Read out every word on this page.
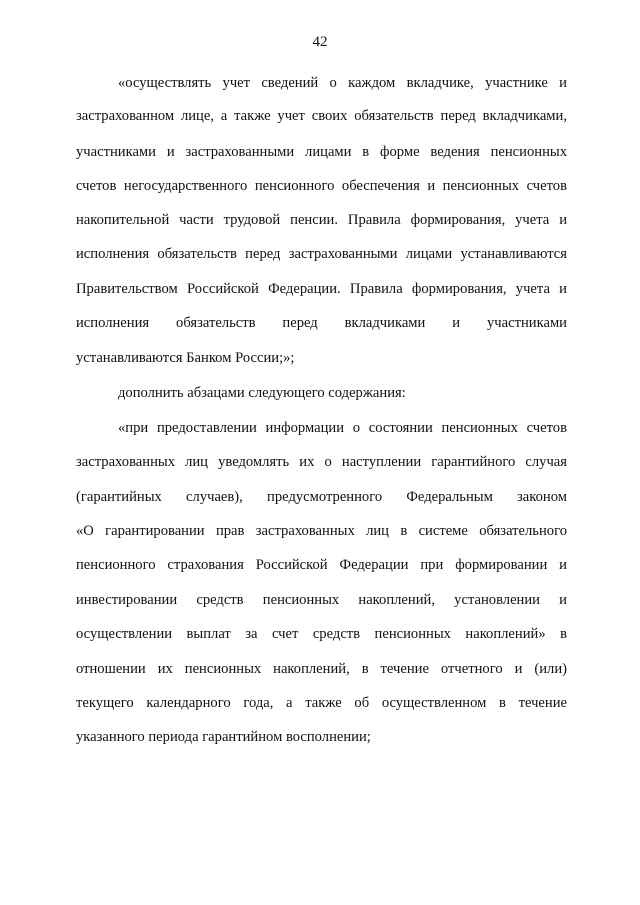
42
«осуществлять учет сведений о каждом вкладчике, участнике и
застрахованном лице, а также учет своих обязательств перед вкладчиками,
участниками и застрахованными лицами в форме ведения пенсионных
счетов негосударственного пенсионного обеспечения и пенсионных счетов
накопительной части трудовой пенсии. Правила формирования, учета и
исполнения обязательств перед застрахованными лицами устанавливаются
Правительством Российской Федерации. Правила формирования, учета и
исполнения обязательств перед вкладчиками и участниками
устанавливаются Банком России;»;
дополнить абзацами следующего содержания:
«при предоставлении информации о состоянии пенсионных счетов
застрахованных лиц уведомлять их о наступлении гарантийного случая
(гарантийных случаев), предусмотренного Федеральным законом
«О гарантировании прав застрахованных лиц в системе обязательного
пенсионного страхования Российской Федерации при формировании и
инвестировании средств пенсионных накоплений, установлении и
осуществлении выплат за счет средств пенсионных накоплений» в
отношении их пенсионных накоплений, в течение отчетного и (или)
текущего календарного года, а также об осуществленном в течение
указанного периода гарантийном восполнении;
